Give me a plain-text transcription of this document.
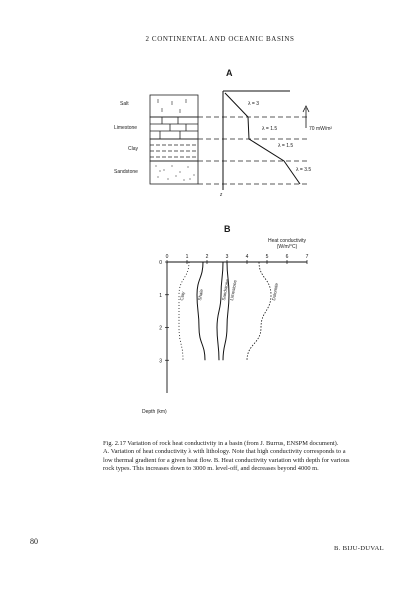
2 CONTINENTAL AND OCEANIC BASINS
A
Salt
Limestone
Clay
Sandstone
λ = 3
λ = 1.5
λ = 1.5
λ = 3.5
70 mW/m²
z
B
Heat conductivity
(W/m/°C)
0	1	2	3	4	5	6	7
0
1
2
3
Clay	Shale	Sandstone Limestone	Dolomite
Depth (km)

Fig. 2.17 Variation of rock heat conductivity in a basin (from J. Burrus, ENSPM document).

A. Variation of heat conductivity λ with lithology. Note that high conductivity corresponds to a low thermal gradient for a given heat flow. B. Heat conductivity variation with depth for various rock types. This increases down to 3000 m. level-off, and decreases beyond 4000 m.

80
B. BIJU-DUVAL
